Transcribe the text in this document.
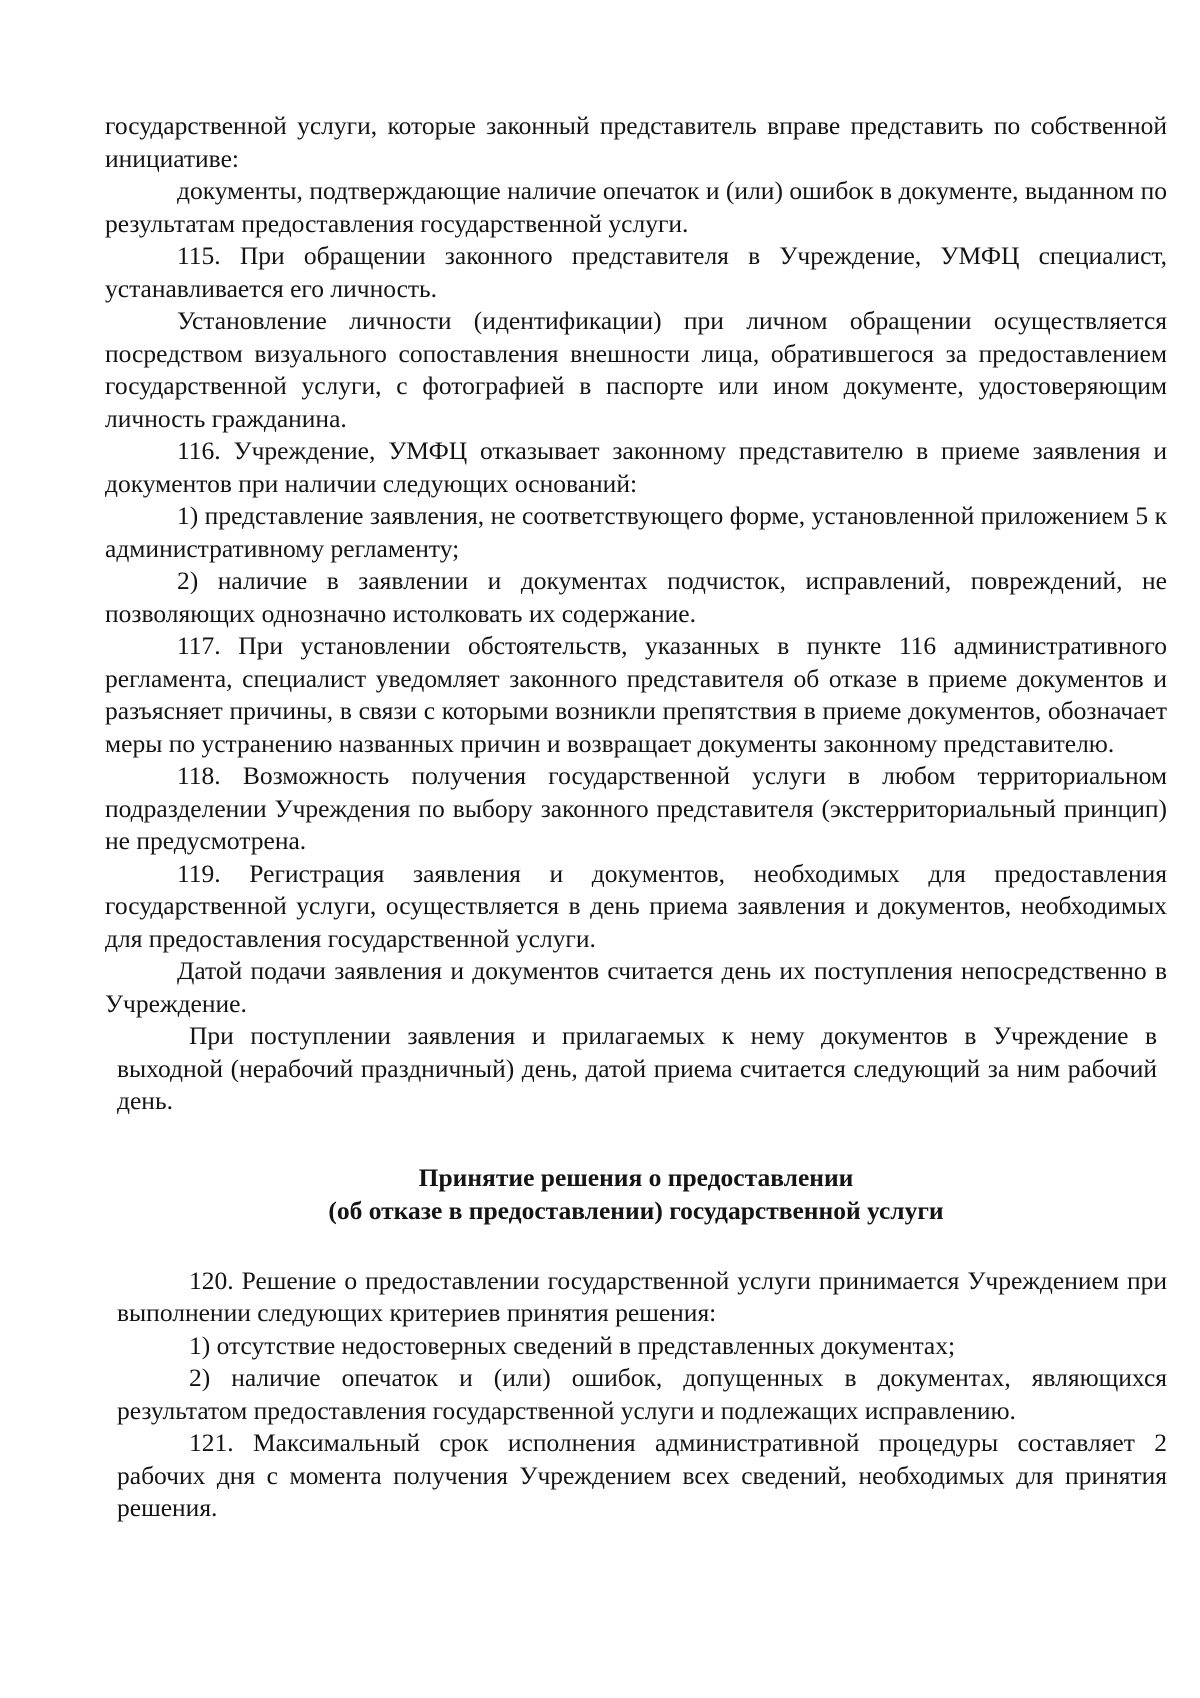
государственной услуги, которые законный представитель вправе представить по собственной инициативе:

документы, подтверждающие наличие опечаток и (или) ошибок в документе, выданном по результатам предоставления государственной услуги.

115. При обращении законного представителя в Учреждение, УМФЦ специалист, устанавливается его личность.

Установление личности (идентификации) при личном обращении осуществляется посредством визуального сопоставления внешности лица, обратившегося за предоставлением государственной услуги, с фотографией в паспорте или ином документе, удостоверяющим личность гражданина.

116. Учреждение, УМФЦ отказывает законному представителю в приеме заявления и документов при наличии следующих оснований:

1) представление заявления, не соответствующего форме, установленной приложением 5 к административному регламенту;

2) наличие в заявлении и документах подчисток, исправлений, повреждений, не позволяющих однозначно истолковать их содержание.

117. При установлении обстоятельств, указанных в пункте 116 административного регламента, специалист уведомляет законного представителя об отказе в приеме документов и разъясняет причины, в связи с которыми возникли препятствия в приеме документов, обозначает меры по устранению названных причин и возвращает документы законному представителю.

118. Возможность получения государственной услуги в любом территориальном подразделении Учреждения по выбору законного представителя (экстерриториальный принцип) не предусмотрена.

119. Регистрация заявления и документов, необходимых для предоставления государственной услуги, осуществляется в день приема заявления и документов, необходимых для предоставления государственной услуги.

Датой подачи заявления и документов считается день их поступления непосредственно в Учреждение.

При поступлении заявления и прилагаемых к нему документов в Учреждение в выходной (нерабочий праздничный) день, датой приема считается следующий за ним рабочий день.

Принятие решения о предоставлении
(об отказе в предоставлении) государственной услуги

120. Решение о предоставлении государственной услуги принимается Учреждением при выполнении следующих критериев принятия решения:

1) отсутствие недостоверных сведений в представленных документах;

2) наличие опечаток и (или) ошибок, допущенных в документах, являющихся результатом предоставления государственной услуги и подлежащих исправлению.

121. Максимальный срок исполнения административной процедуры составляет 2 рабочих дня с момента получения Учреждением всех сведений, необходимых для принятия решения.
